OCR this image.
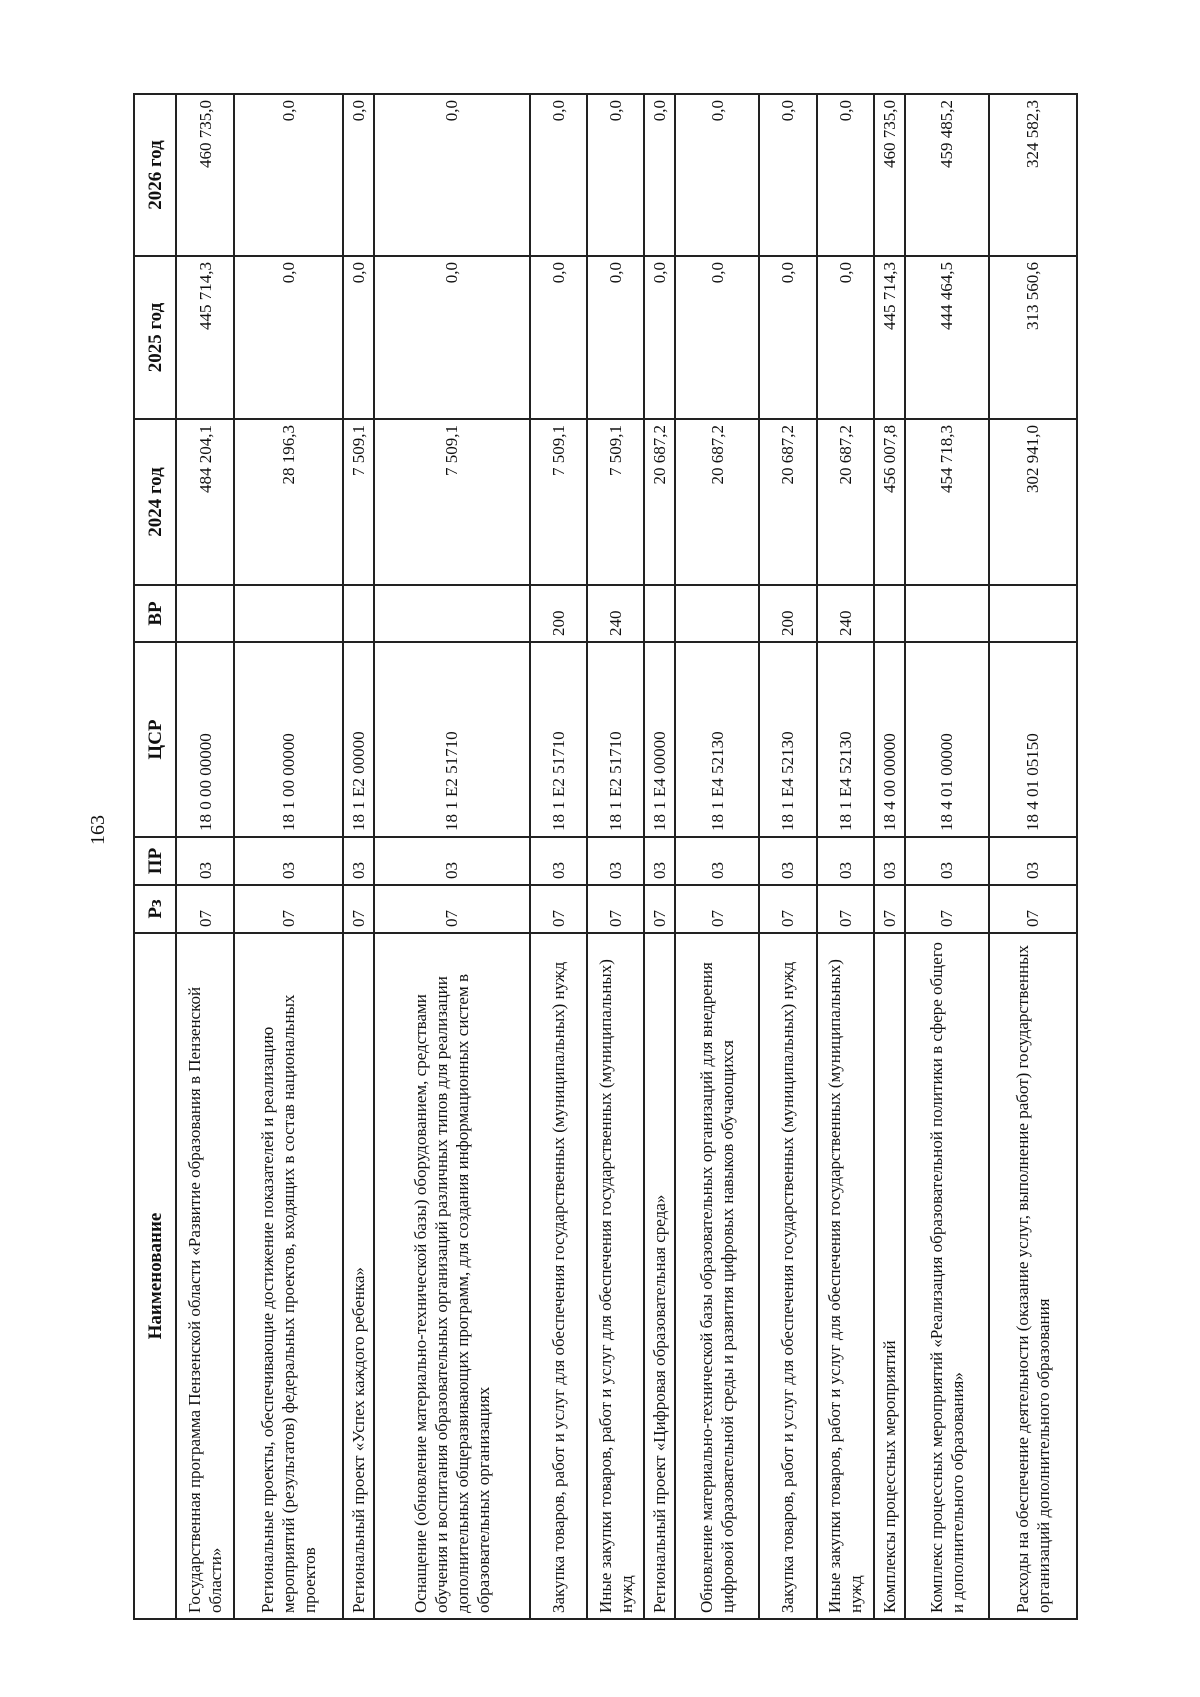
163
Наименование	Рз	ПР	ЦСР	ВР	2024 год	2025 год	2026 год
Государственная программа Пензенской области «Развитие образования в Пензенской области»	07	03	18 0 00 00000		484 204,1	445 714,3	460 735,0
Региональные проекты, обеспечивающие достижение показателей и реализацию мероприятий (результатов) федеральных проектов, входящих в состав национальных проектов	07	03	18 1 00 00000		28 196,3	0,0	0,0
Региональный проект «Успех каждого ребенка»	07	03	18 1 E2 00000		7 509,1	0,0	0,0
Оснащение (обновление материально-технической базы) оборудованием, средствами обучения и воспитания образовательных организаций различных типов для реализации дополнительных общеразвивающих программ, для создания информационных систем в образовательных организациях	07	03	18 1 E2 51710		7 509,1	0,0	0,0
Закупка товаров, работ и услуг для обеспечения государственных (муниципальных) нужд	07	03	18 1 E2 51710	200	7 509,1	0,0	0,0
Иные закупки товаров, работ и услуг для обеспечения государственных (муниципальных) нужд	07	03	18 1 E2 51710	240	7 509,1	0,0	0,0
Региональный проект «Цифровая образовательная среда»	07	03	18 1 E4 00000		20 687,2	0,0	0,0
Обновление материально-технической базы образовательных организаций для внедрения цифровой образовательной среды и развития цифровых навыков обучающихся	07	03	18 1 E4 52130		20 687,2	0,0	0,0
Закупка товаров, работ и услуг для обеспечения государственных (муниципальных) нужд	07	03	18 1 E4 52130	200	20 687,2	0,0	0,0
Иные закупки товаров, работ и услуг для обеспечения государственных (муниципальных) нужд	07	03	18 1 E4 52130	240	20 687,2	0,0	0,0
Комплексы процессных мероприятий	07	03	18 4 00 00000		456 007,8	445 714,3	460 735,0
Комплекс процессных мероприятий «Реализация образовательной политики в сфере общего и дополнительного образования»	07	03	18 4 01 00000		454 718,3	444 464,5	459 485,2
Расходы на обеспечение деятельности (оказание услуг, выполнение работ) государственных организаций дополнительного образования	07	03	18 4 01 05150		302 941,0	313 560,6	324 582,3
